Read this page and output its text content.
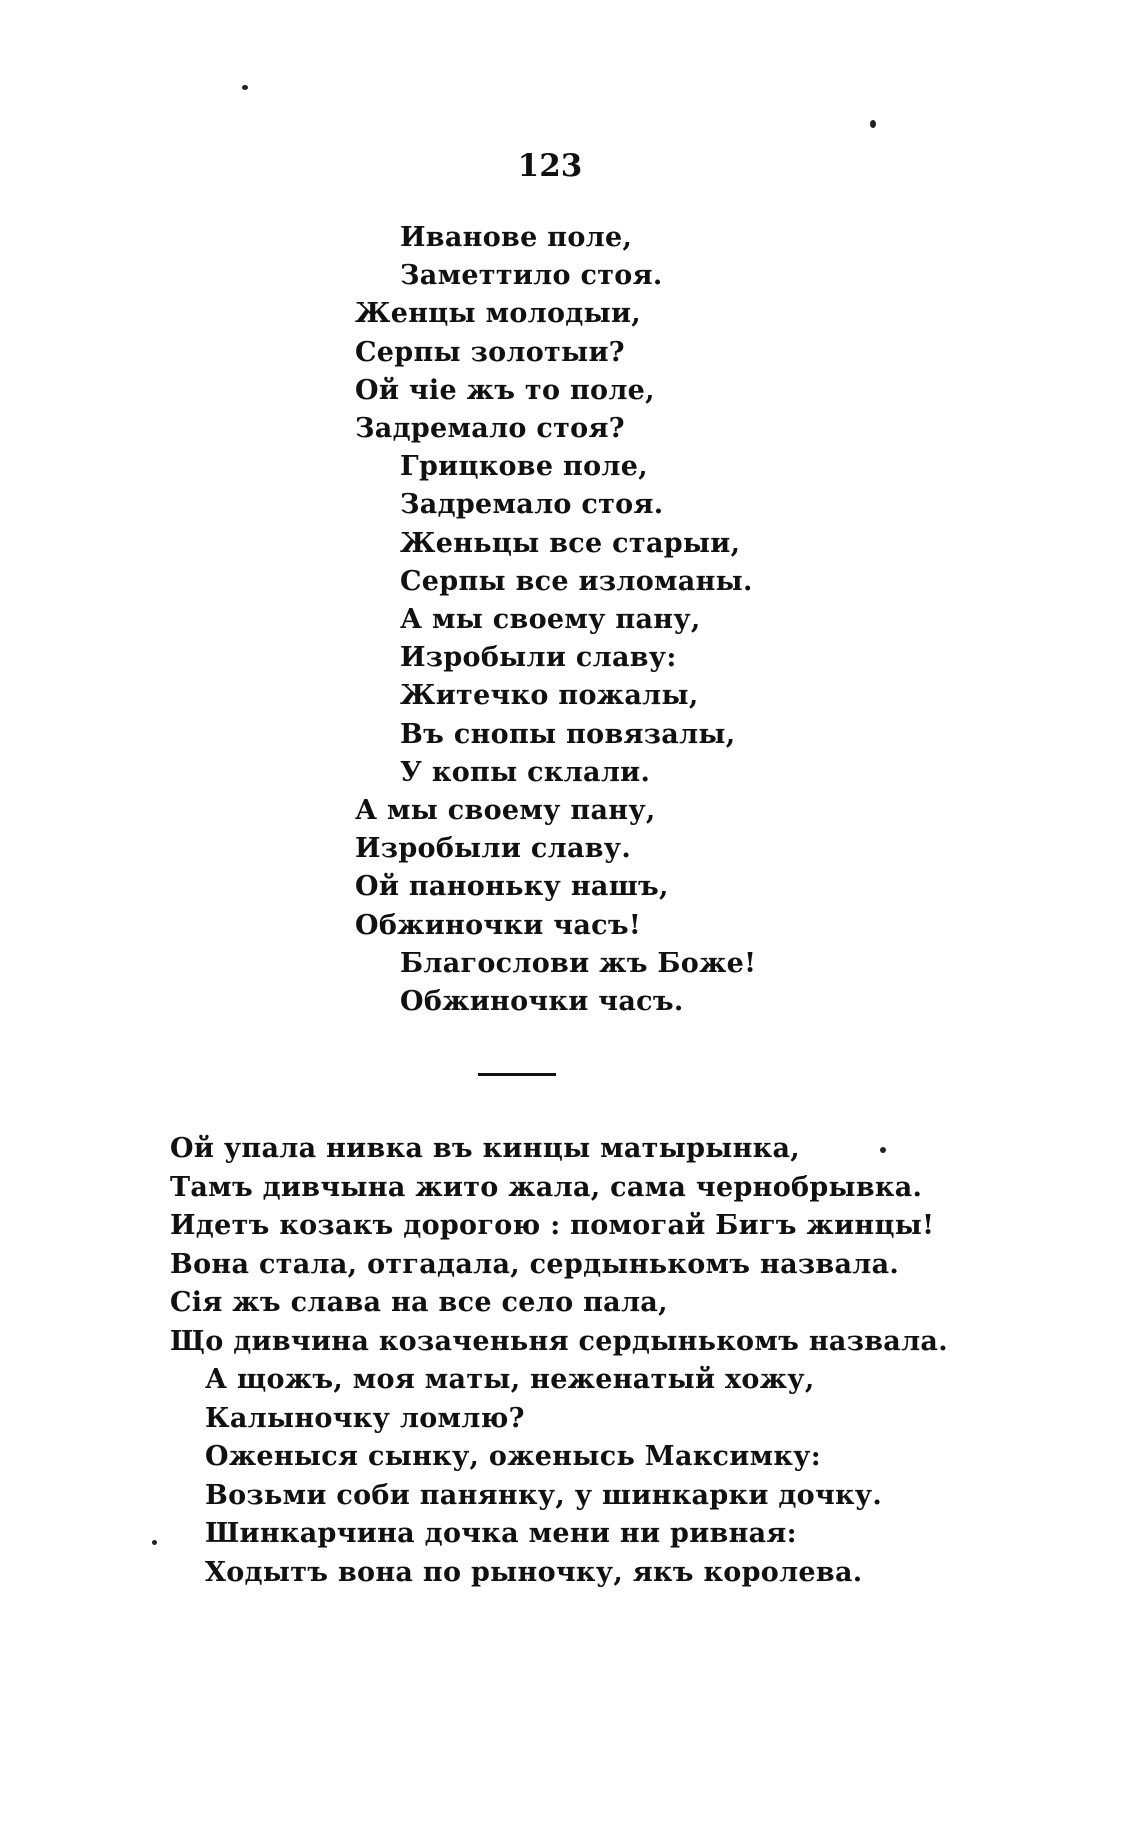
123
Иванове поле,
Заметтило стоя.
Женцы молодыи,
Серпы золотыи?
Ой чіе жъ то поле,
Задремало стоя?
Грицкове поле,
Задремало стоя.
Женьцы все старыи,
Серпы все изломаны.
А мы своему пану,
Изробыли славу:
Житечко пожалы,
Въ снопы повязалы,
У копы склали.
А мы своему пану,
Изробыли славу.
Ой паноньку нашъ,
Обжиночки часъ!
Благослови жъ Боже!
Обжиночки часъ.
Ой упала нивка въ кинцы матырынка,
Тамъ дивчына жито жала, сама чернобрывка.
Идетъ козакъ дорогою : помогай Бигъ жинцы!
Вона стала, отгадала, сердынькомъ назвала.
Сія жъ слава на все село пала,
Що дивчина козаченьня сердынькомъ назвала.
А щожъ, моя маты, неженатый хожу,
Калыночку ломлю?
Оженыся сынку, оженысь Максимку:
Возьми соби панянку, у шинкарки дочку.
Шинкарчина дочка мени ни ривная:
Ходытъ вона по рыночку, якъ королева.
